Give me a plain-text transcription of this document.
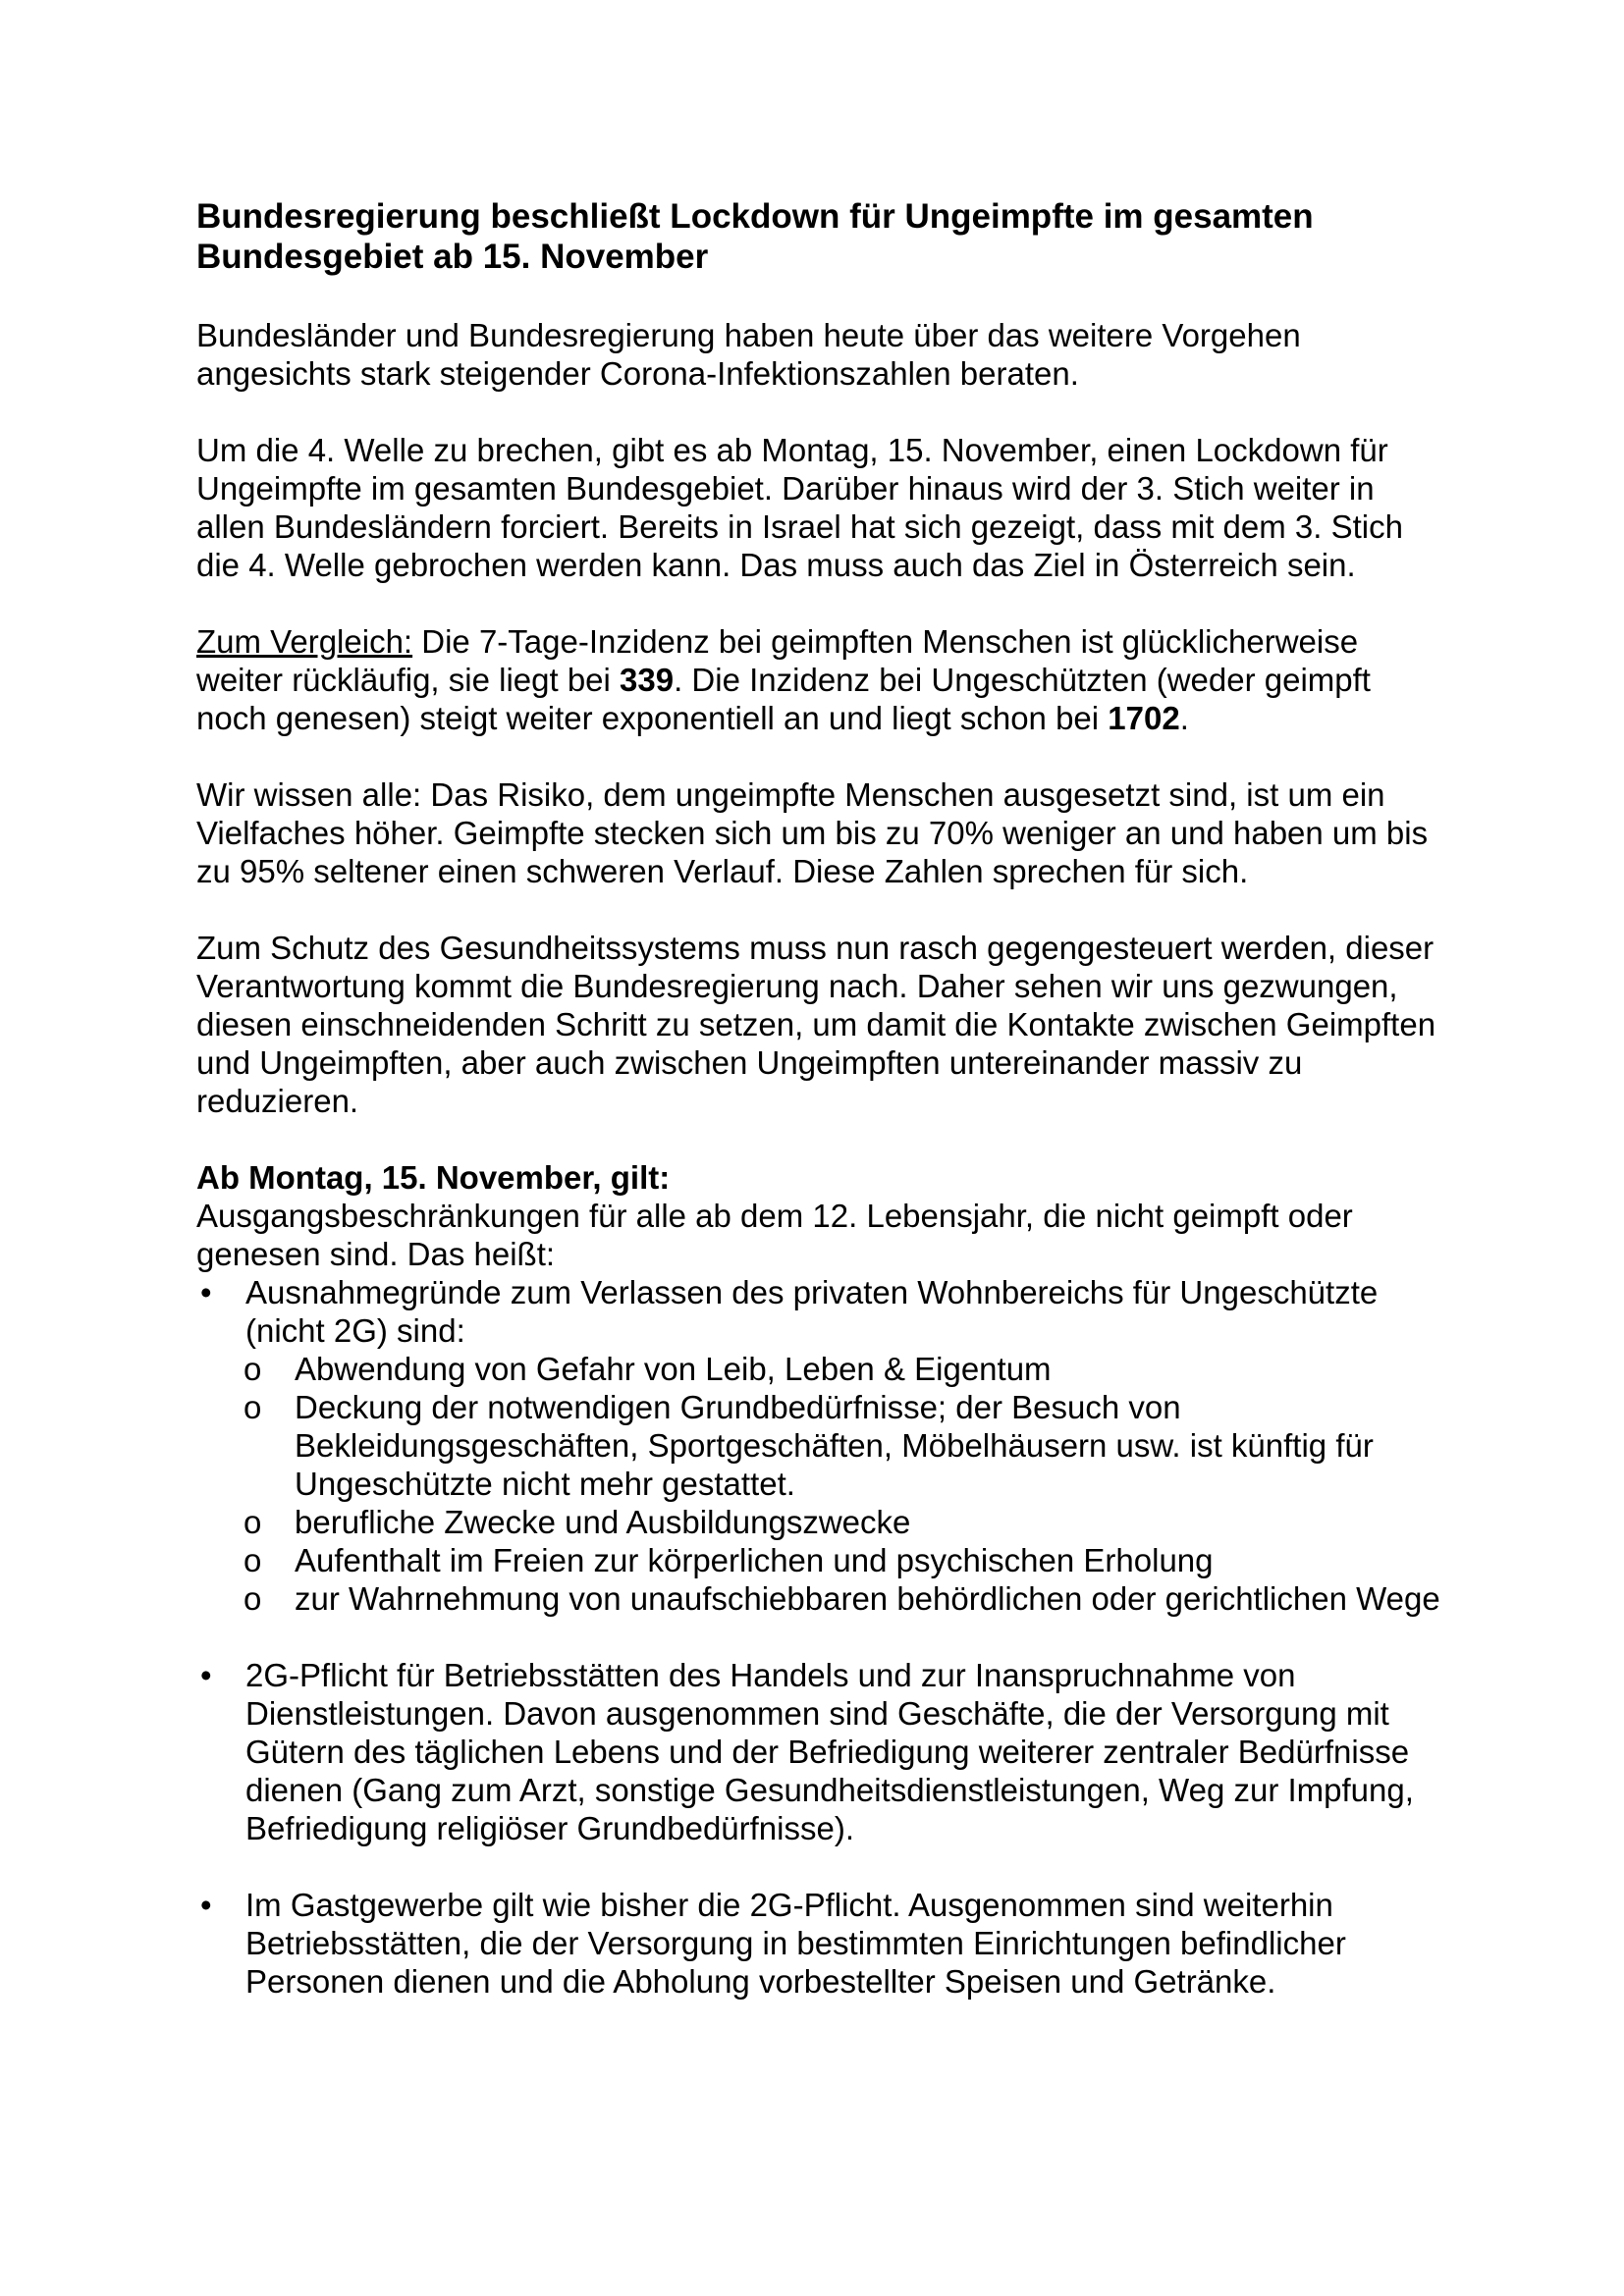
Bundesregierung beschließt Lockdown für Ungeimpfte im gesamten Bundesgebiet ab 15. November

Bundesländer und Bundesregierung haben heute über das weitere Vorgehen angesichts stark steigender Corona-Infektionszahlen beraten.

Um die 4. Welle zu brechen, gibt es ab Montag, 15. November, einen Lockdown für Ungeimpfte im gesamten Bundesgebiet. Darüber hinaus wird der 3. Stich weiter in allen Bundesländern forciert. Bereits in Israel hat sich gezeigt, dass mit dem 3. Stich die 4. Welle gebrochen werden kann. Das muss auch das Ziel in Österreich sein.

Zum Vergleich: Die 7-Tage-Inzidenz bei geimpften Menschen ist glücklicherweise weiter rückläufig, sie liegt bei 339. Die Inzidenz bei Ungeschützten (weder geimpft noch genesen) steigt weiter exponentiell an und liegt schon bei 1702.

Wir wissen alle: Das Risiko, dem ungeimpfte Menschen ausgesetzt sind, ist um ein Vielfaches höher. Geimpfte stecken sich um bis zu 70% weniger an und haben um bis zu 95% seltener einen schweren Verlauf. Diese Zahlen sprechen für sich.

Zum Schutz des Gesundheitssystems muss nun rasch gegengesteuert werden, dieser Verantwortung kommt die Bundesregierung nach. Daher sehen wir uns gezwungen, diesen einschneidenden Schritt zu setzen, um damit die Kontakte zwischen Geimpften und Ungeimpften, aber auch zwischen Ungeimpften untereinander massiv zu reduzieren.

Ab Montag, 15. November, gilt:

Ausgangsbeschränkungen für alle ab dem 12. Lebensjahr, die nicht geimpft oder genesen sind. Das heißt:

•	Ausnahmegründe zum Verlassen des privaten Wohnbereichs für Ungeschützte (nicht 2G) sind:
o	Abwendung von Gefahr von Leib, Leben & Eigentum
o	Deckung der notwendigen Grundbedürfnisse; der Besuch von Bekleidungsgeschäften, Sportgeschäften, Möbelhäusern usw. ist künftig für Ungeschützte nicht mehr gestattet.
o	berufliche Zwecke und Ausbildungszwecke
o	Aufenthalt im Freien zur körperlichen und psychischen Erholung
o	zur Wahrnehmung von unaufschiebbaren behördlichen oder gerichtlichen Wege
•	2G-Pflicht für Betriebsstätten des Handels und zur Inanspruchnahme von Dienstleistungen. Davon ausgenommen sind Geschäfte, die der Versorgung mit Gütern des täglichen Lebens und der Befriedigung weiterer zentraler Bedürfnisse dienen (Gang zum Arzt, sonstige Gesundheitsdienstleistungen, Weg zur Impfung, Befriedigung religiöser Grundbedürfnisse).
•	Im Gastgewerbe gilt wie bisher die 2G-Pflicht. Ausgenommen sind weiterhin Betriebsstätten, die der Versorgung in bestimmten Einrichtungen befindlicher Personen dienen und die Abholung vorbestellter Speisen und Getränke.
